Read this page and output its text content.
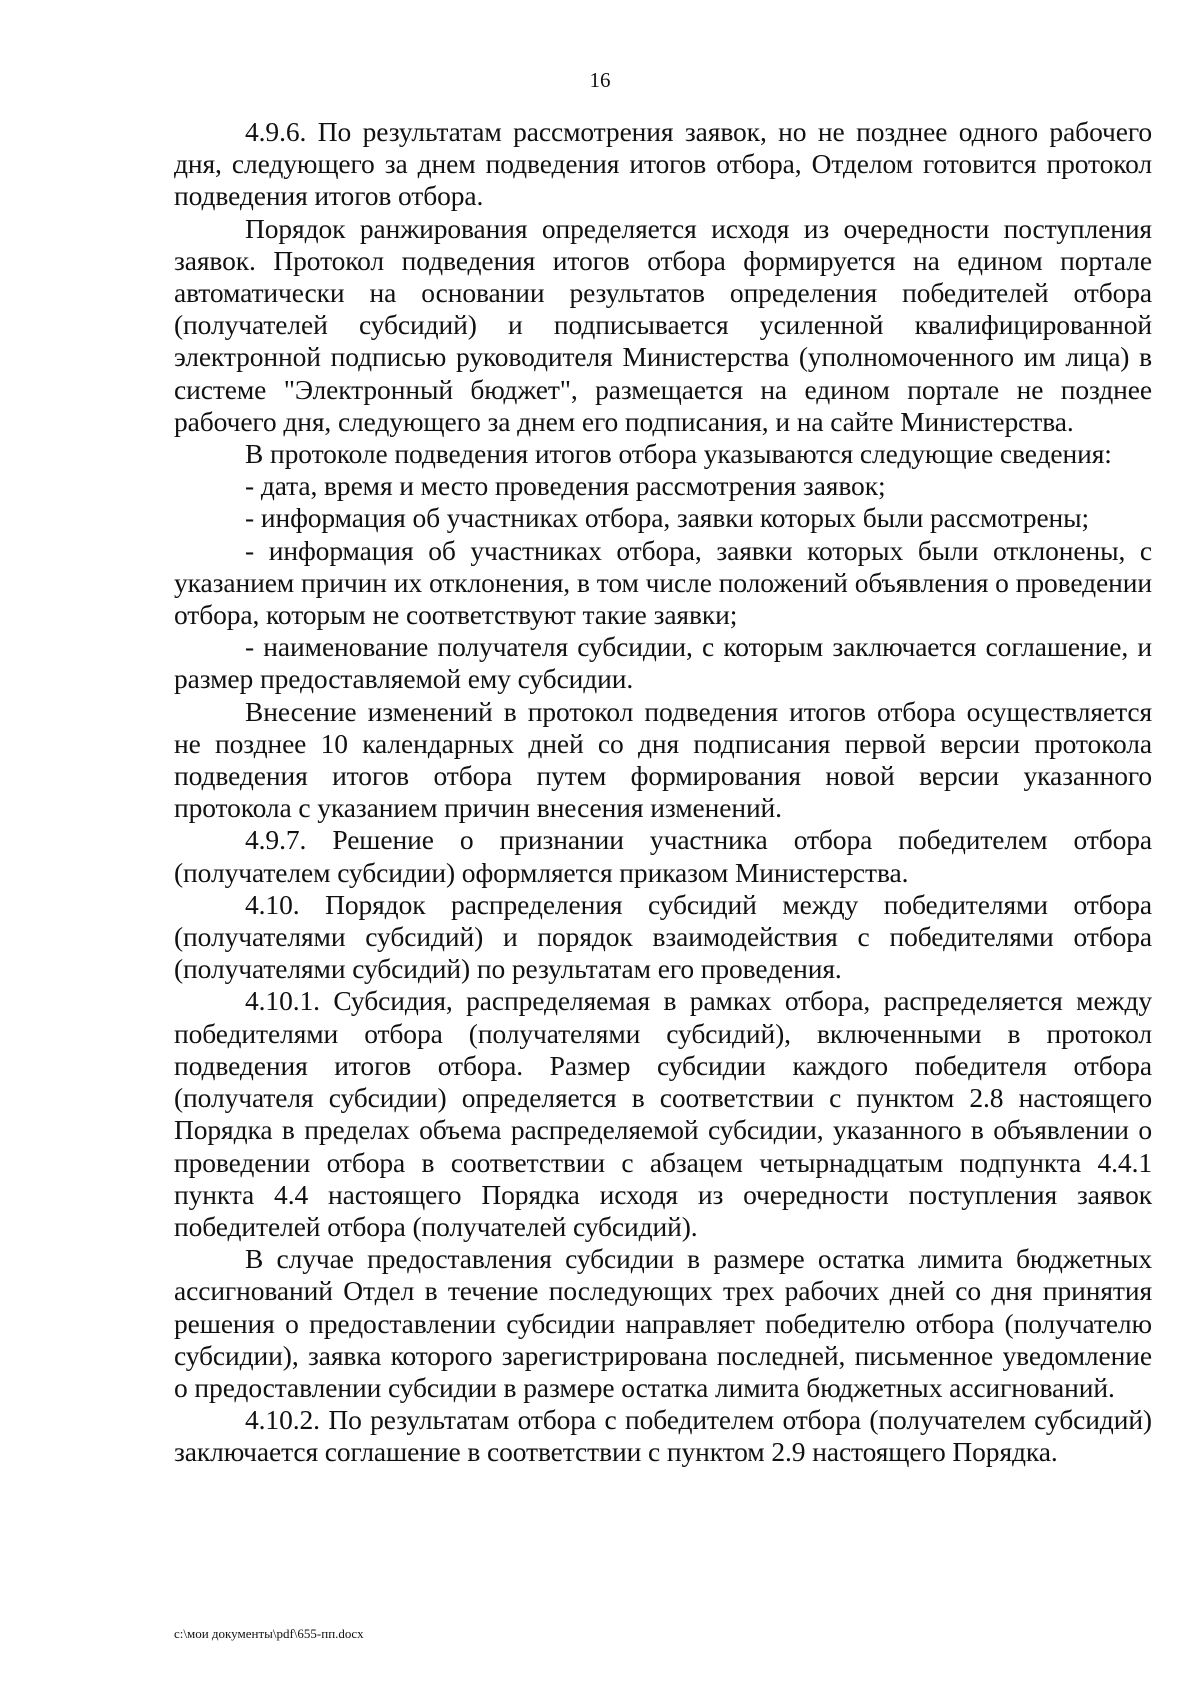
16

4.9.6. По результатам рассмотрения заявок, но не позднее одного рабочего дня, следующего за днем подведения итогов отбора, Отделом готовится протокол подведения итогов отбора.

Порядок ранжирования определяется исходя из очередности поступления заявок. Протокол подведения итогов отбора формируется на едином портале автоматически на основании результатов определения победителей отбора (получателей субсидий) и подписывается усиленной квалифицированной электронной подписью руководителя Министерства (уполномоченного им лица) в системе "Электронный бюджет", размещается на едином портале не позднее рабочего дня, следующего за днем его подписания, и на сайте Министерства.

В протоколе подведения итогов отбора указываются следующие сведения:

- дата, время и место проведения рассмотрения заявок;

- информация об участниках отбора, заявки которых были рассмотрены;

- информация об участниках отбора, заявки которых были отклонены, с указанием причин их отклонения, в том числе положений объявления о проведении отбора, которым не соответствуют такие заявки;

- наименование получателя субсидии, с которым заключается соглашение, и размер предоставляемой ему субсидии.

Внесение изменений в протокол подведения итогов отбора осуществляется не позднее 10 календарных дней со дня подписания первой версии протокола подведения итогов отбора путем формирования новой версии указанного протокола с указанием причин внесения изменений.

4.9.7. Решение о признании участника отбора победителем отбора (получателем субсидии) оформляется приказом Министерства.

4.10. Порядок распределения субсидий между победителями отбора (получателями субсидий) и порядок взаимодействия с победителями отбора (получателями субсидий) по результатам его проведения.

4.10.1. Субсидия, распределяемая в рамках отбора, распределяется между победителями отбора (получателями субсидий), включенными в протокол подведения итогов отбора. Размер субсидии каждого победителя отбора (получателя субсидии) определяется в соответствии с пунктом 2.8 настоящего Порядка в пределах объема распределяемой субсидии, указанного в объявлении о проведении отбора в соответствии с абзацем четырнадцатым подпункта 4.4.1 пункта 4.4 настоящего Порядка исходя из очередности поступления заявок победителей отбора (получателей субсидий).

В случае предоставления субсидии в размере остатка лимита бюджетных ассигнований Отдел в течение последующих трех рабочих дней со дня принятия решения о предоставлении субсидии направляет победителю отбора (получателю субсидии), заявка которого зарегистрирована последней, письменное уведомление о предоставлении субсидии в размере остатка лимита бюджетных ассигнований.

4.10.2. По результатам отбора с победителем отбора (получателем субсидий) заключается соглашение в соответствии с пунктом 2.9 настоящего Порядка.

c:\мои документы\pdf\655-пп.docx
